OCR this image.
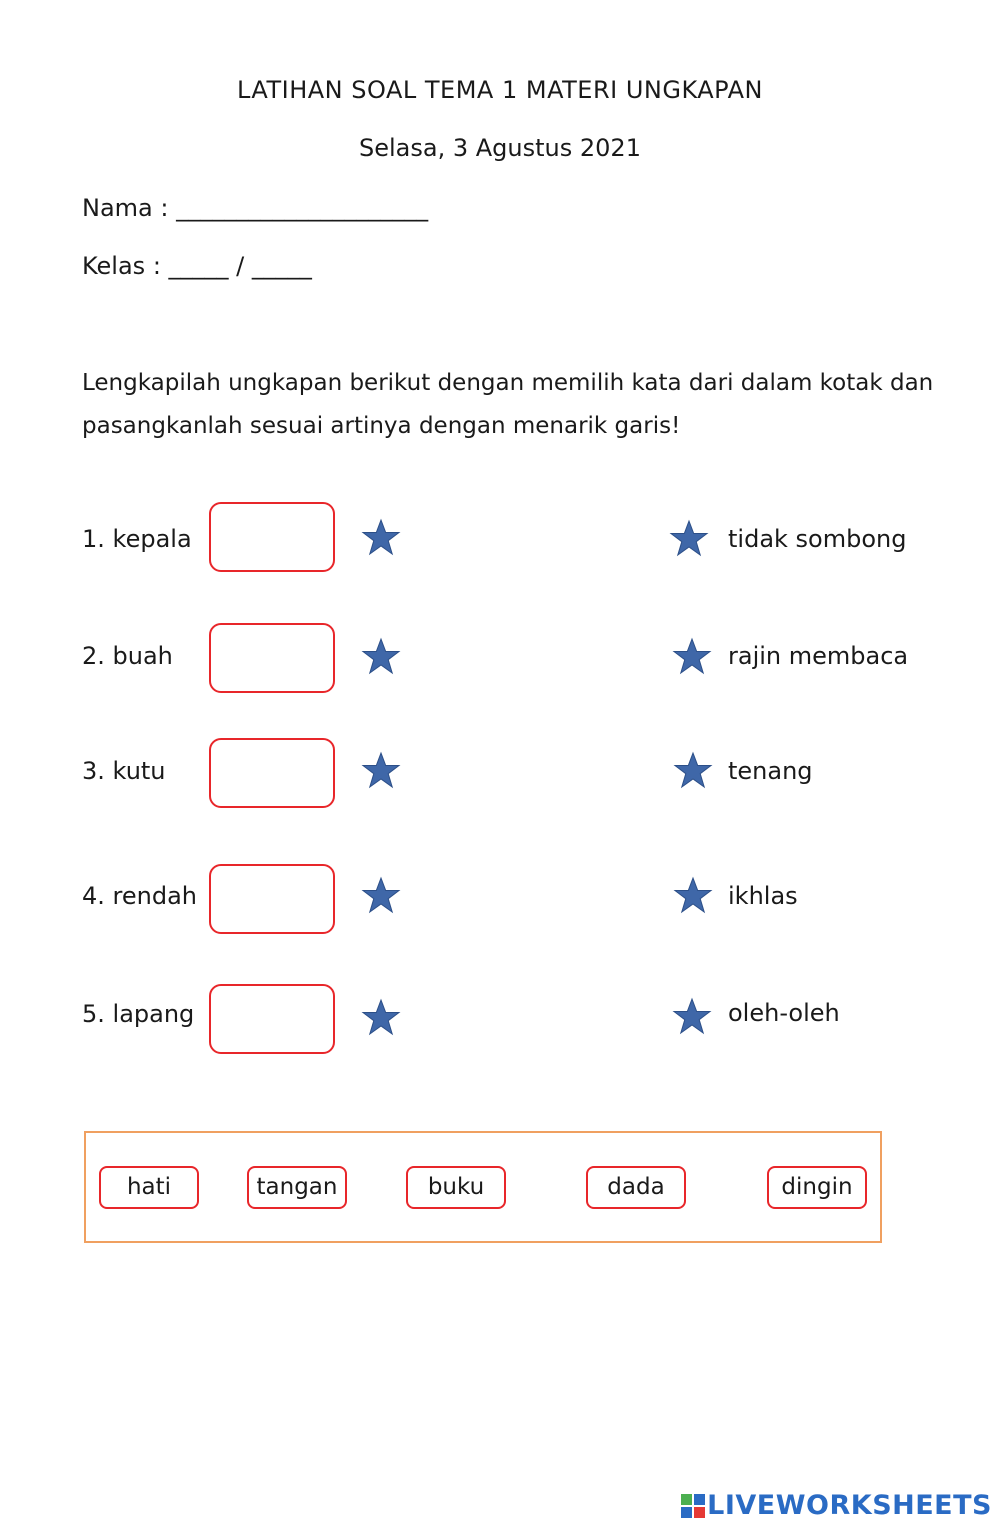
LATIHAN SOAL TEMA 1 MATERI UNGKAPAN
Selasa, 3 Agustus 2021
Nama : _____________________
Kelas : _____ / _____
Lengkapilah ungkapan berikut dengan memilih kata dari dalam kotak dan pasangkanlah sesuai artinya dengan menarik garis!
1. kepala
2. buah
3. kutu
4. rendah
5. lapang
tidak sombong
rajin membaca
tenang
ikhlas
oleh-oleh
hati	tangan	buku	dada	dingin
LIVEWORKSHEETS
